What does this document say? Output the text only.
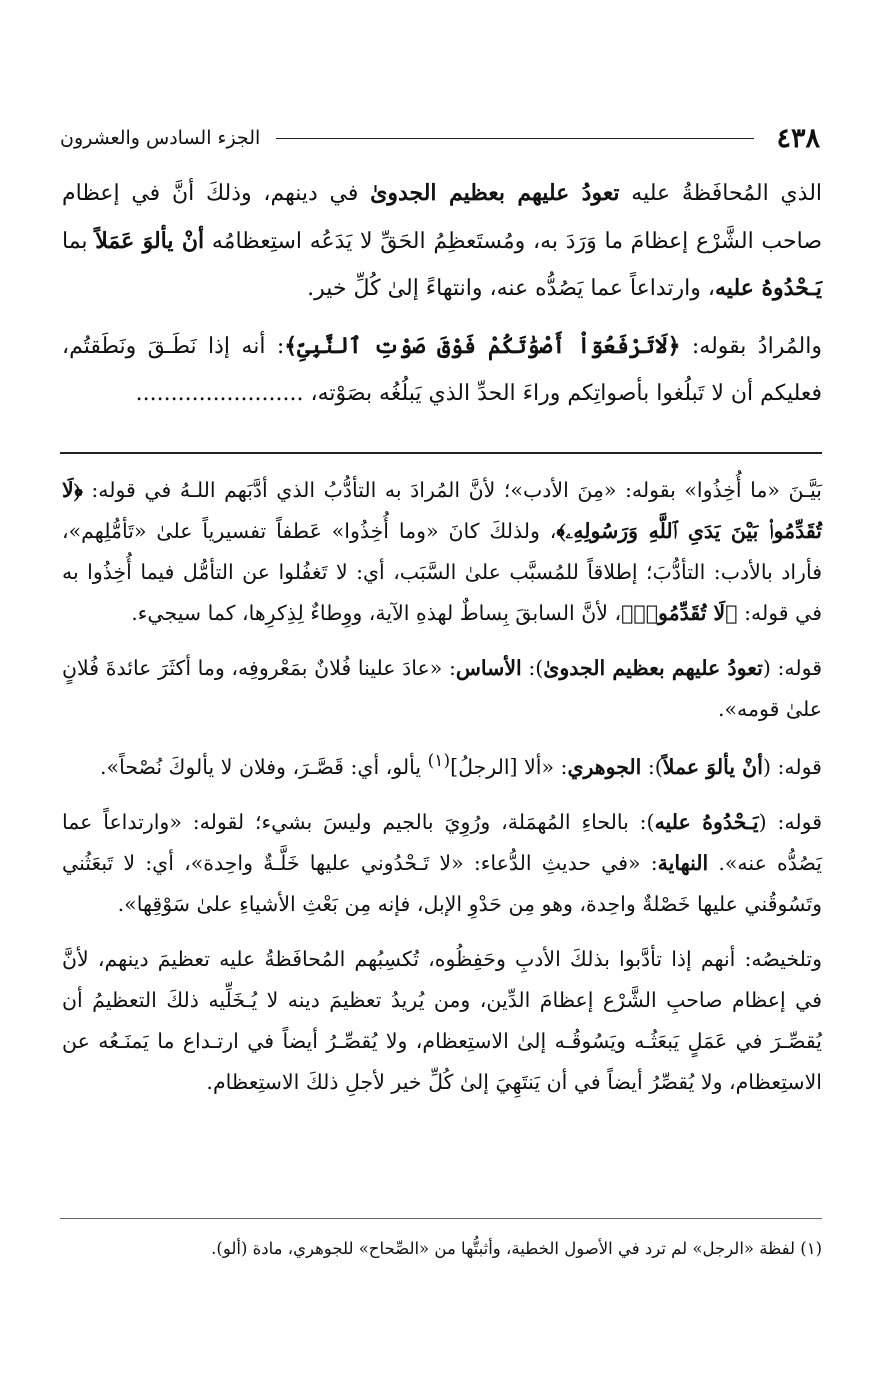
٤٣٨
الجزء السادس والعشرون

الذي المُحافَظةُ عليه تعودُ عليهم بعظيم الجدوىٰ في دينهم، وذلكَ أنَّ في إعظام صاحب الشَّرْع إعظامَ ما وَرَدَ به، ومُستَعظِمُ الحَقِّ لا يَدَعُه استِعظامُه أنْ يألوَ عَمَلاً بما يَـحْدُوهُ عليه، وارتداعاً عما يَصُدُّه عنه، وانتهاءً إلىٰ كُلِّ خير.

والمُرادُ بقوله: ﴿لَاتَرْفَعُوٓاْ أَصْوَٰتَكُمْ فَوْقَ صَوْتِ ٱلنَّبِىِّ﴾: أنه إذا نَطَـقَ ونَطَقتُم، فعليكم أن لا تَبلُغوا بأصواتِكم وراءَ الحدِّ الذي يَبلُغُه بصَوْته، ........................

بَيَّـنَ «ما أُخِذُوا» بقوله: «مِنَ الأدب»؛ لأنَّ المُرادَ به التأدُّبُ الذي أدَّبَهم اللـهُ في قوله: ﴿لَا تُقَدِّمُوا۟ بَيْنَ يَدَىِ ٱللَّهِ وَرَسُولِهِۦ﴾، ولذلكَ كانَ «وما أُخِذُوا» عَطفاً تفسيرياً علىٰ «تَأمُّلِهم»، فأراد بالأدب: التأدُّبَ؛ إطلاقاً للمُسبَّب علىٰ السَّبَب، أي: لا تَغفُلوا عن التأمُّل فيما أُخِذُوا به في قوله: ﴿لَا تُقَدِّمُوا۟﴾، لأنَّ السابقَ بِساطٌ لهذهِ الآية، ووِطاءٌ لِذِكرِها، كما سيجيء.

قوله: (تعودُ عليهم بعظيم الجدوىٰ): الأساس: «عادَ علينا فُلانٌ بمَعْروفِه، وما أكثَرَ عائدةَ فُلانٍ علىٰ قومه».

قوله: (أنْ يألوَ عملاً): الجوهري: «ألا [الرجلُ]$^{(١)}$ يألو، أي: قَصَّـرَ، وفلان لا يألوكَ نُصْحاً».

قوله: (يَـحْدُوهُ عليه): بالحاءِ المُهمَلة، ورُوِيَ بالجيم وليسَ بشيء؛ لقوله: «وارتداعاً عما يَصُدُّه عنه». النهاية: «في حديثِ الدُّعاء: «لا تَـحْدُوني عليها خَلَّـةٌ واحِدة»، أي: لا تَبعَثُني وتَسُوقُني عليها خَصْلةٌ واحِدة، وهو مِن حَدْوِ الإبل، فإنه مِن بَعْثِ الأشياءِ علىٰ سَوْقِها».

وتلخيصُه: أنهم إذا تأدَّبوا بذلكَ الأدبِ وحَفِظُوه، تُكسِبُهم المُحافَظةُ عليه تعظيمَ دينهم، لأنَّ في إعظام صاحبِ الشَّرْع إعظامَ الدِّين، ومن يُريدُ تعظيمَ دينه لا يُـخَلِّيه ذلكَ التعظيمُ أن يُقصِّـرَ في عَمَلٍ يَبعَثُـه ويَسُوقُـه إلىٰ الاستِعظام، ولا يُقصِّـرُ أيضاً في ارتـداع ما يَمنَـعُه عن الاستِعظام، ولا يُقصِّرُ أيضاً في أن يَنتَهِيَ إلىٰ كُلِّ خير لأجلِ ذلكَ الاستِعظام.

(١) لفظة «الرجل» لم ترد في الأصول الخطية، وأثبتُّها من «الصِّحاح» للجوهري، مادة (ألو).
